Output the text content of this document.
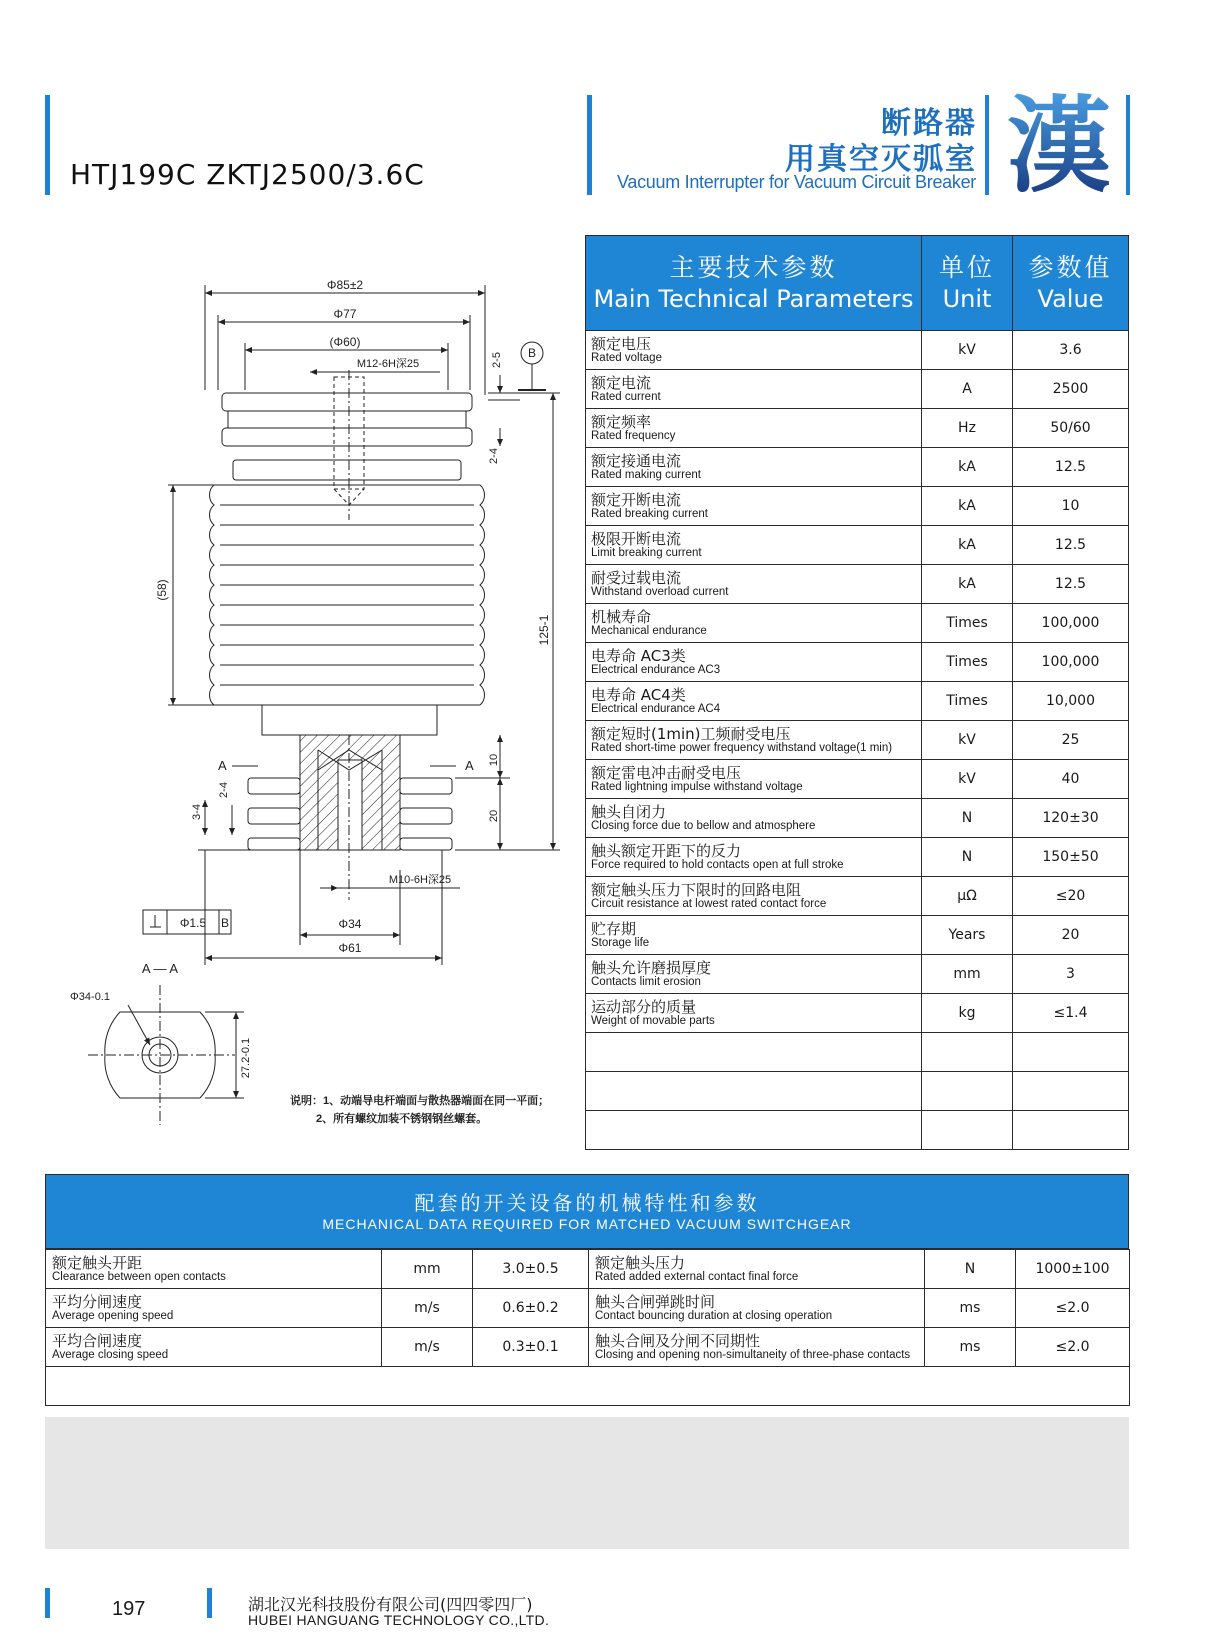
HTJ199C ZKTJ2500/3.6C
断路器
用真空灭弧室
Vacuum Interrupter for Vacuum Circuit Breaker 漢
Φ85±2
Φ77
(Φ60)
M12-6H深25	2-5 B
2-4
125-1
10
20
(58)
3-4
2-4
A	A
M10-6H深25
Φ34
Φ61
Φ1.5 B
A — A
Φ34-0.1
27.2-0.1
说明：1、动端导电杆端面与散热器端面在同一平面；
2、所有螺纹加装不锈钢钢丝螺套。
主要技术参数
Main Technical Parameters	单位
Unit	参数值
Value

额定电压
Rated voltage	kV	3.6

额定电流
Rated current	A	2500

额定频率
Rated frequency	Hz	50/60

额定接通电流
Rated making current	kA	12.5

额定开断电流
Rated breaking current	kA	10

极限开断电流
Limit breaking current	kA	12.5

耐受过载电流
Withstand overload current	kA	12.5

机械寿命
Mechanical endurance	Times	100,000

电寿命 AC3类
Electrical endurance AC3	Times	100,000

电寿命 AC4类
Electrical endurance AC4	Times	10,000

额定短时(1min)工频耐受电压
Rated short-time power frequency withstand voltage(1 min)	kV	25

额定雷电冲击耐受电压
Rated lightning impulse withstand voltage	kV	40

触头自闭力
Closing force due to bellow and atmosphere	N	120±30

触头额定开距下的反力
Force required to hold contacts open at full stroke	N	150±50

额定触头压力下限时的回路电阻
Circuit resistance at lowest rated contact force	μΩ	≤20

贮存期
Storage life	Years	20

触头允许磨损厚度
Contacts limit erosion	mm	3

运动部分的质量
Weight of movable parts	kg	≤1.4

配套的开关设备的机械特性和参数
MECHANICAL DATA REQUIRED FOR MATCHED VACUUM SWITCHGEAR
额定触头开距
Clearance between open contacts	mm	3.0±0.5	额定触头压力
Rated added external contact final force	N	1000±100

平均分闸速度
Average opening speed	m/s	0.6±0.2	触头合闸弹跳时间
Contact bouncing duration at closing operation	ms	≤2.0

平均合闸速度
Average closing speed	m/s	0.3±0.1	触头合闸及分闸不同期性
Closing and opening non-simultaneity of three-phase contacts	ms	≤2.0

197	湖北汉光科技股份有限公司(四四零四厂)
HUBEI HANGUANG TECHNOLOGY CO.,LTD.
